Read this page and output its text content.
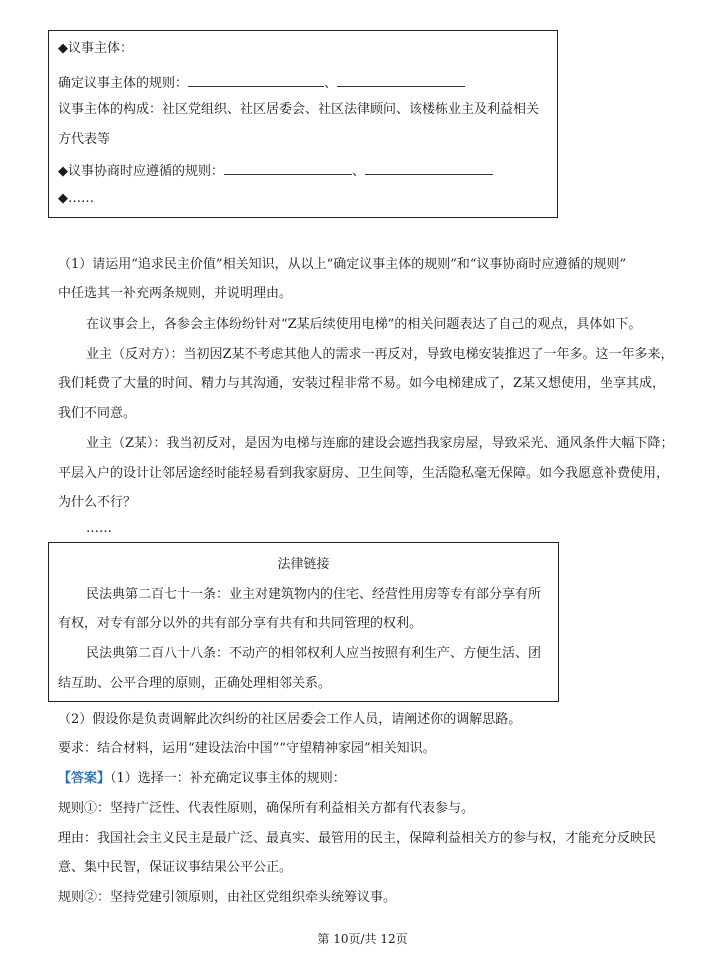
◆议事主体：
确定议事主体的规则：	、
议事主体的构成：社区党组织、社区居委会、社区法律顾问、该楼栋业主及利益相关
方代表等
◆议事协商时应遵循的规则：	、
◆……
（1）请运用“追求民主价值”相关知识，从以上“确定议事主体的规则”和“议事协商时应遵循的规则”
中任选其一补充两条规则，并说明理由。
在议事会上，各参会主体纷纷针对“Z某后续使用电梯”的相关问题表达了自己的观点，具体如下。
业主（反对方）：当初因Z某不考虑其他人的需求一再反对，导致电梯安装推迟了一年多。这一年多来，
我们耗费了大量的时间、精力与其沟通，安装过程非常不易。如今电梯建成了，Z某又想使用，坐享其成，
我们不同意。
业主（Z某）：我当初反对，是因为电梯与连廊的建设会遮挡我家房屋，导致采光、通风条件大幅下降；
平层入户的设计让邻居途经时能轻易看到我家厨房、卫生间等，生活隐私毫无保障。如今我愿意补费使用，
为什么不行？
……
法律链接
民法典第二百七十一条：业主对建筑物内的住宅、经营性用房等专有部分享有所
有权，对专有部分以外的共有部分享有共有和共同管理的权利。
民法典第二百八十八条：不动产的相邻权利人应当按照有利生产、方便生活、团
结互助、公平合理的原则，正确处理相邻关系。
（2）假设你是负责调解此次纠纷的社区居委会工作人员，请阐述你的调解思路。
要求：结合材料，运用“建设法治中国”“守望精神家园”相关知识。
【答案】（1）选择一：补充确定议事主体的规则：
规则①：坚持广泛性、代表性原则，确保所有利益相关方都有代表参与。
理由：我国社会主义民主是最广泛、最真实、最管用的民主，保障利益相关方的参与权，才能充分反映民
意、集中民智，保证议事结果公平公正。
规则②：坚持党建引领原则，由社区党组织牵头统筹议事。
第 10页/共 12页
